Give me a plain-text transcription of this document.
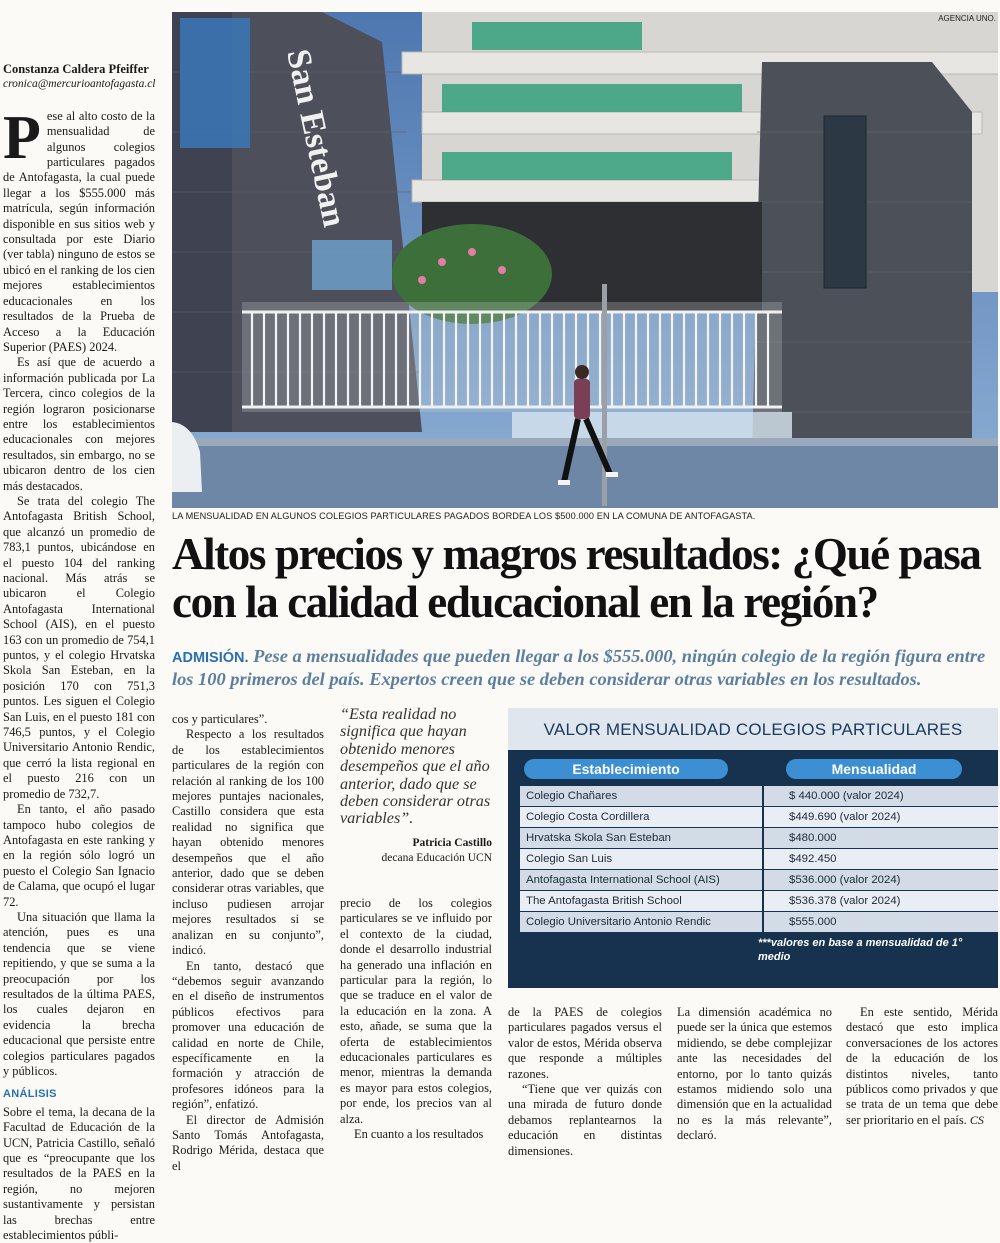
San Esteban
AGENCIA UNO.
LA MENSUALIDAD EN ALGUNOS COLEGIOS PARTICULARES PAGADOS BORDEA LOS $500.000 EN LA COMUNA DE ANTOFAGASTA.
Altos precios y magros resultados: ¿Qué pasa con la calidad educacional en la región?
ADMISIÓN. Pese a mensualidades que pueden llegar a los $555.000, ningún colegio de la región figura entre los 100 primeros del país. Expertos creen que se deben considerar otras variables en los resultados.
Constanza Caldera Pfeiffer
cronica@mercurioantofagasta.cl

Pese al alto costo de la mensualidad de algunos colegios particulares pagados de Antofagasta, la cual puede llegar a los $555.000 más matrícula, según información disponible en sus sitios web y consultada por este Diario (ver tabla) ninguno de estos se ubicó en el ranking de los cien mejores establecimientos educacionales en los resultados de la Prueba de Acceso a la Educación Superior (PAES) 2024.

Es así que de acuerdo a información publicada por La Tercera, cinco colegios de la región lograron posicionarse entre los establecimientos educacionales con mejores resultados, sin embargo, no se ubicaron dentro de los cien más destacados.

Se trata del colegio The Antofagasta British School, que alcanzó un promedio de 783,1 puntos, ubicándose en el puesto 104 del ranking nacional. Más atrás se ubicaron el Colegio Antofagasta International School (AIS), en el puesto 163 con un promedio de 754,1 puntos, y el colegio Hrvatska Skola San Esteban, en la posición 170 con 751,3 puntos. Les siguen el Colegio San Luis, en el puesto 181 con 746,5 puntos, y el Colegio Universitario Antonio Rendic, que cerró la lista regional en el puesto 216 con un promedio de 732,7.

En tanto, el año pasado tampoco hubo colegios de Antofagasta en este ranking y en la región sólo logró un puesto el Colegio San Ignacio de Calama, que ocupó el lugar 72.

Una situación que llama la atención, pues es una tendencia que se viene repitiendo, y que se suma a la preocupación por los resultados de la última PAES, los cuales dejaron en evidencia la brecha educacional que persiste entre colegios particulares pagados y públicos.

ANÁLISIS

Sobre el tema, la decana de la Facultad de Educación de la UCN, Patricia Castillo, señaló que es “preocupante que los resultados de la PAES en la región, no mejoren sustantivamente y persistan las brechas entre establecimientos públi-

cos y particulares”.

Respecto a los resultados de los establecimientos particulares de la región con relación al ranking de los 100 mejores puntajes nacionales, Castillo considera que esta realidad no significa que hayan obtenido menores desempeños que el año anterior, dado que se deben considerar otras variables, que incluso pudiesen arrojar mejores resultados si se analizan en su conjunto”, indicó.

En tanto, destacó que “debemos seguir avanzando en el diseño de instrumentos públicos efectivos para promover una educación de calidad en norte de Chile, específicamente en la formación y atracción de profesores idóneos para la región”, enfatizó.

El director de Admisión Santo Tomás Antofagasta, Rodrigo Mérida, destaca que el

“Esta realidad no significa que hayan obtenido menores desempeños que el año anterior, dado que se deben considerar otras variables”.
Patricia Castillo
decana Educación UCN

precio de los colegios particulares se ve influido por el contexto de la ciudad, donde el desarrollo industrial ha generado una inflación en particular para la región, lo que se traduce en el valor de la educación en la zona. A esto, añade, se suma que la oferta de establecimientos educacionales particulares es menor, mientras la demanda es mayor para estos colegios, por ende, los precios van al alza.

En cuanto a los resultados

VALOR MENSUALIDAD COLEGIOS PARTICULARES
Establecimiento	Mensualidad
Colegio Chañares	$ 440.000 (valor 2024)
Colegio Costa Cordillera	$449.690 (valor 2024)
Hrvatska Skola San Esteban	$480.000
Colegio San Luis	$492.450
Antofagasta International School (AIS)	$536.000 (valor 2024)
The Antofagasta British School	$536.378 (valor 2024)
Colegio Universitario Antonio Rendic	$555.000
***valores en base a mensualidad de 1° medio

de la PAES de colegios particulares pagados versus el valor de estos, Mérida observa que responde a múltiples razones.

“Tiene que ver quizás con una mirada de futuro donde debamos replantearnos la educación en distintas dimensiones.

La dimensión académica no puede ser la única que estemos midiendo, se debe complejizar ante las necesidades del entorno, por lo tanto quizás estamos midiendo solo una dimensión que en la actualidad no es la más relevante”, declaró.

En este sentido, Mérida destacó que esto implica conversaciones de los actores de la educación de los distintos niveles, tanto públicos como privados y que se trata de un tema que debe ser prioritario en el país. CS
